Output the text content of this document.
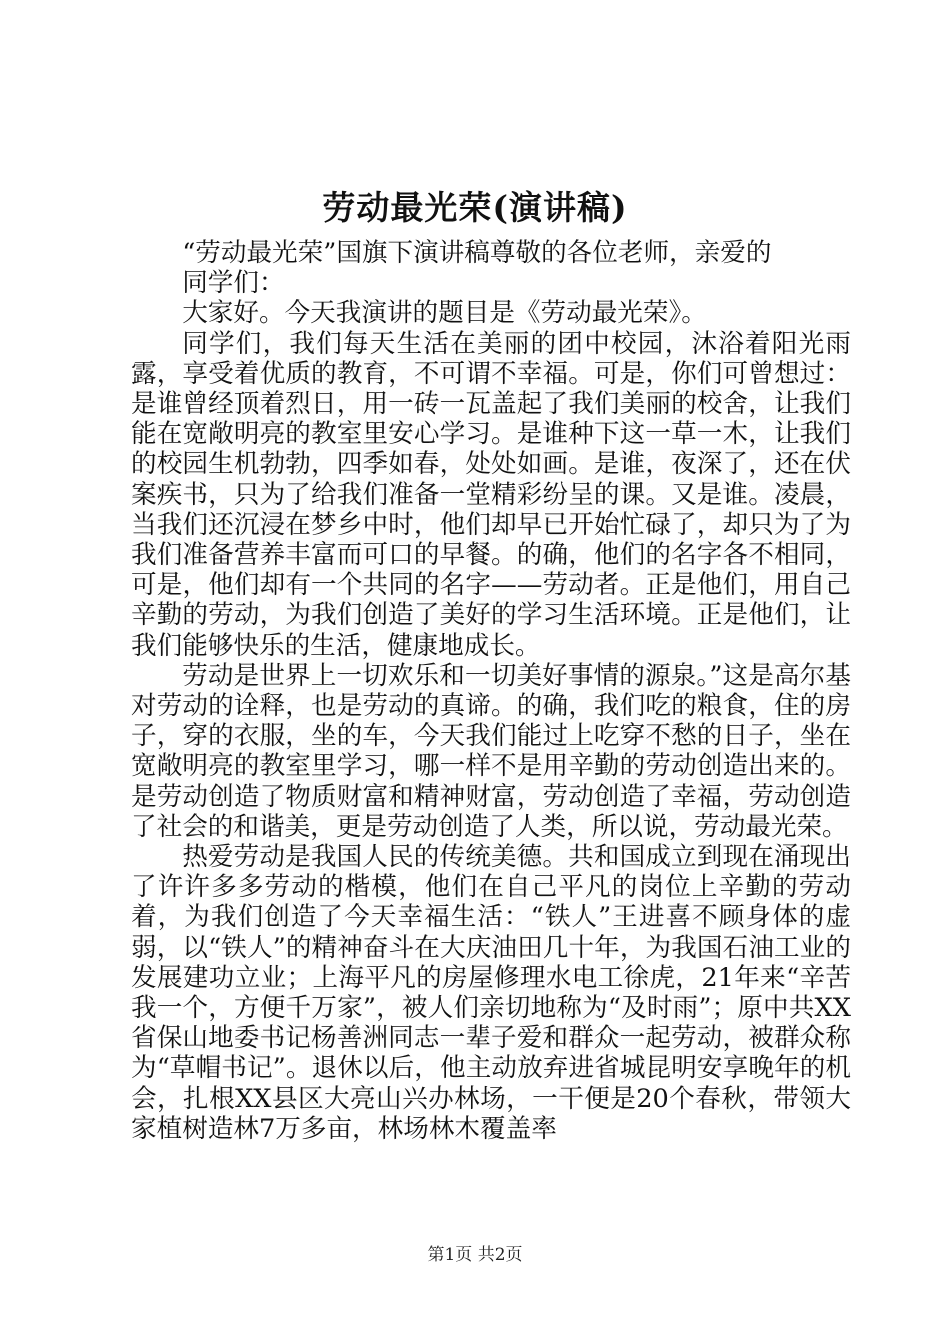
劳动最光荣(演讲稿)

“劳动最光荣”国旗下演讲稿尊敬的各位老师，亲爱的

同学们：

大家好。今天我演讲的题目是《劳动最光荣》。

同学们，我们每天生活在美丽的团中校园，沐浴着阳光雨露，享受着优质的教育，不可谓不幸福。可是，你们可曾想过：是谁曾经顶着烈日，用一砖一瓦盖起了我们美丽的校舍，让我们能在宽敞明亮的教室里安心学习。是谁种下这一草一木，让我们的校园生机勃勃，四季如春，处处如画。是谁，夜深了，还在伏案疾书，只为了给我们准备一堂精彩纷呈的课。又是谁。凌晨，当我们还沉浸在梦乡中时，他们却早已开始忙碌了，却只为了为我们准备营养丰富而可口的早餐。的确，他们的名字各不相同，可是，他们却有一个共同的名字——劳动者。正是他们，用自己辛勤的劳动，为我们创造了美好的学习生活环境。正是他们，让我们能够快乐的生活，健康地成长。

劳动是世界上一切欢乐和一切美好事情的源泉。”这是高尔基对劳动的诠释，也是劳动的真谛。的确，我们吃的粮食，住的房子，穿的衣服，坐的车，今天我们能过上吃穿不愁的日子，坐在宽敞明亮的教室里学习，哪一样不是用辛勤的劳动创造出来的。是劳动创造了物质财富和精神财富，劳动创造了幸福，劳动创造了社会的和谐美，更是劳动创造了人类，所以说，劳动最光荣。

热爱劳动是我国人民的传统美德。共和国成立到现在涌现出了许许多多劳动的楷模，他们在自己平凡的岗位上辛勤的劳动着，为我们创造了今天幸福生活：“铁人”王进喜不顾身体的虚弱，以“铁人”的精神奋斗在大庆油田几十年，为我国石油工业的发展建功立业；上海平凡的房屋修理水电工徐虎，21年来“辛苦我一个，方便千万家”，被人们亲切地称为“及时雨”；原中共XX省保山地委书记杨善洲同志一辈子爱和群众一起劳动，被群众称为“草帽书记”。退休以后，他主动放弃进省城昆明安享晚年的机会，扎根XX县区大亮山兴办林场，一干便是20个春秋，带领大家植树造林7万多亩，林场林木覆盖率

第1页 共2页
